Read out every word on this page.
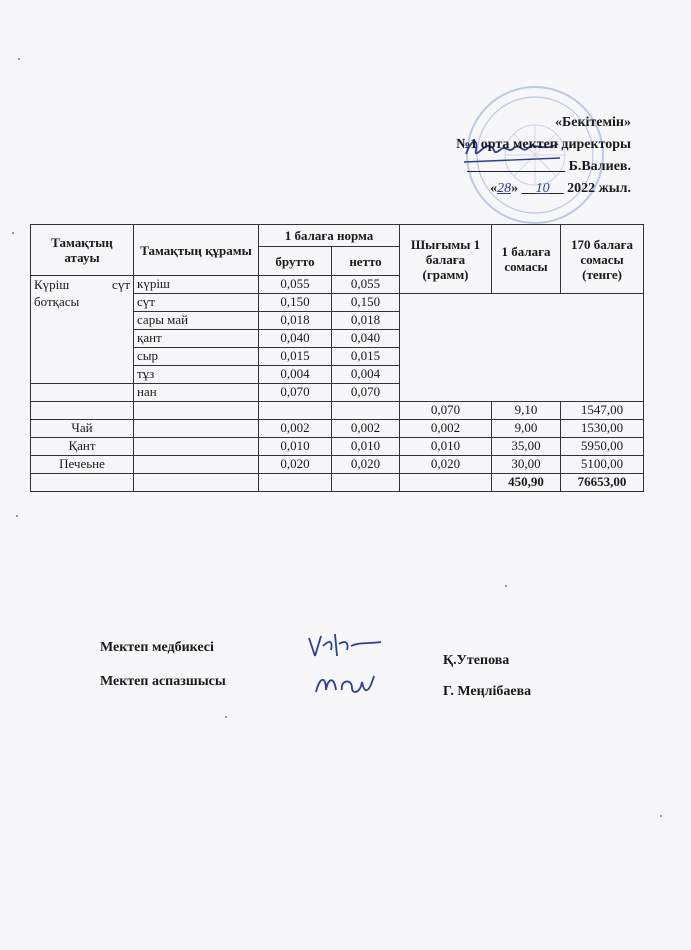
«Бекітемін»
№1 орта мектеп директоры
______________ Б.Валиев.
«28» __10__ 2022 жыл.
Тамақтың атауы	Тамақтың құрамы	1 балаға норма		Шығымы 1 балаға (грамм)	1 балаға сомасы	170 балаға сомасы (тенге)	
		брутто	нетто				
Күріш сүт ботқасы	күріш	0,055	0,055			
	сүт	0,150	0,150				
	сары май	0,018	0,018				
	қант	0,040	0,040				
	сыр	0,015	0,015				
	тұз	0,004	0,004				
	нан	0,070	0,070				
				0,070	9,10	1547,00	
Чай		0,002	0,002	0,002	9,00	1530,00	
Қант		0,010	0,010	0,010	35,00	5950,00	
Печеьне		0,020	0,020	0,020	30,00	5100,00	
					450,90	76653,00	
Мектеп медбикесі
Қ.Утепова
Мектеп аспазшысы
Г. Меңлібаева
